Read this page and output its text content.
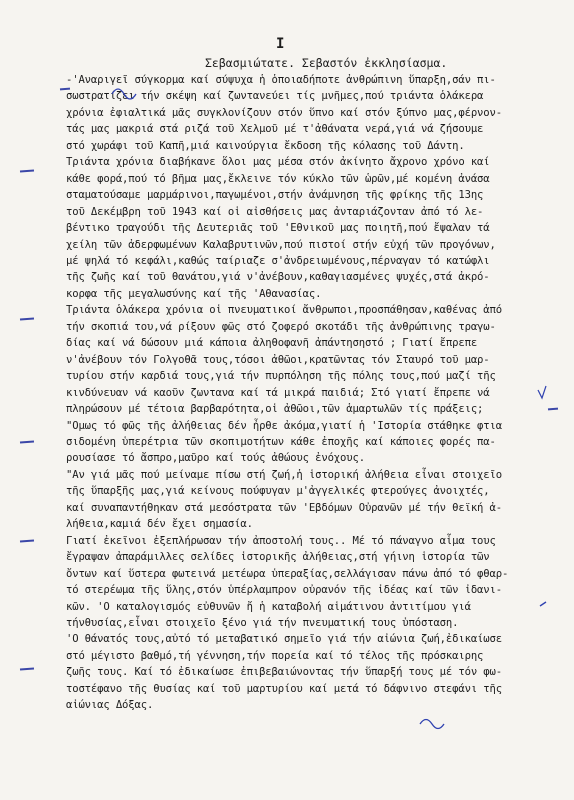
I
Σεβασμιώτατε. Σεβαστόν ἐκκλησίασμα.
-'Αναριγεῖ σύγκορμα καί σύψυχα ἡ ὁποιαδήποτε ἀνθρώπινη ὕπαρξη,σάν πι-
σωστρατίζει τήν σκέψη καί ζωντανεύει τίς μνῆμες,πού τριάντα ὁλάκερα
χρόνια ἐφιαλτικά μᾶς συγκλονίζουν στόν ὕπνο καί στόν ξύπνο μας,φέρνον-
τάς μας μακριά στά ριζά τοῦ Χελμοῦ μέ τ'ἀθάνατα νερά,γιά νά ζήσουμε
στό χωράφι τοῦ Καπῆ,μιά καινούργια ἔκδοση τῆς κόλασης τοῦ Δάντη.
Τριάντα χρόνια διαβήκανε ὅλοι μας μέσα στόν ἀκίνητο ἄχρονο χρόνο καί
κάθε φορά,πού τό βῆμα μας,ἔκλεινε τόν κύκλο τῶν ὡρῶν,μέ κομένη ἀνάσα
σταματούσαμε μαρμάρινοι,παγωμένοι,στήν ἀνάμνηση τῆς φρίκης τῆς 13ης
τοῦ Δεκέμβρη τοῦ 1943 καί οἱ αἰσθήσεις μας ἀνταριάζονταν ἀπό τό λε-
βέντικο τραγούδι τῆς Δευτεριᾶς τοῦ 'Εθνικοῦ μας ποιητῆ,πού ἔψαλαν τά
χείλη τῶν ἀδερφωμένων Καλαβρυτινῶν,πού πιστοί στήν εὐχή τῶν προγόνων,
μέ ψηλά τό κεφάλι,καθώς ταίριαζε σ'ἀνδρειωμένους,πέρναγαν τό κατώφλι
τῆς ζωῆς καί τοῦ θανάτου,γιά ν'ἀνέβουν,καθαγιασμένες ψυχές,στά ἀκρό-
κορφα τῆς μεγαλωσύνης καί τῆς 'Αθανασίας.
Τριάντα ὁλάκερα χρόνια οἱ πνευματικοί ἄνθρωποι,προσπάθησαν,καθένας ἀπό
τήν σκοπιά του,νά ρίξουν φῶς στό ζοφερό σκοτάδι τῆς ἀνθρώπινης τραγω-
δίας καί νά δώσουν μιά κάποια ἀληθοφανῆ ἀπάντησηστό ; Γιατί ἔπρεπε
ν'ἀνέβουν τόν Γολγοθᾶ τους,τόσοι ἀθῶοι,κρατῶντας τόν Σταυρό τοῦ μαρ-
τυρίου στήν καρδιά τους,γιά τήν πυρπόληση τῆς πόλης τους,πού μαζί τῆς
κινδύνευαν νά καοῦν ζωντανα καί τά μικρά παιδιά; Στό γιατί ἔπρεπε νά
πληρώσουν μέ τέτοια βαρβαρότητα,οἱ ἀθῶοι,τῶν ἁμαρτωλῶν τίς πράξεις;
"Ομως τό φῶς τῆς ἀλήθειας δέν ἦρθε ἀκόμα,γιατί ἡ 'Ιστορία στάθηκε φτια
σιδομένη ὑπερέτρια τῶν σκοπιμοτήτων κάθε ἐποχῆς καί κάποιες φορές πα-
ρουσίασε τό ἄσπρο,μαῦρο καί τούς ἀθώους ἐνόχους.
"Αν γιά μᾶς πού μείναμε πίσω στή ζωή,ἡ ἱστορική ἀλήθεια εἶναι στοιχεῖο
τῆς ὕπαρξῆς μας,γιά κείνους πούφυγαν μ'ἀγγελικές φτερούγες ἀνοιχτές,
καί συναπαντήθηκαν στά μεσόστρατα τῶν 'Εβδόμων Οὐρανῶν μέ τήν θεϊκή ἀ-
λήθεια,καμιά δέν ἔχει σημασία.
Γιατί ἐκεῖνοι ἐξεπλήρωσαν τήν ἀποστολή τους.. Μέ τό πάναγνο αἷμα τους
ἔγραψαν ἀπαράμιλλες σελίδες ἱστορικῆς ἀλήθειας,στή γήινη ἱστορία τῶν
ὄντων καί ὕστερα φωτεινά μετέωρα ὑπεραξίας,σελλάγισαν πάνω ἀπό τό φθαρ-
τό στερέωμα τῆς ὕλης,στόν ὑπέρλαμπρον οὐρανόν τῆς ἰδέας καί τῶν ἰδανι-
κῶν. 'Ο καταλογισμός εὐθυνῶν ἤ ἡ καταβολή αἱμάτινου ἀντιτίμου γιά
τήνθυσίας,εἶναι στοιχεῖο ξένο γιά τήν πνευματική τους ὑπόσταση.
'Ο θάνατός τους,αὐτό τό μεταβατικό σημεῖο γιά τήν αἰώνια ζωή,ἐδικαίωσε
στό μέγιστο βαθμό,τή γέννηση,τήν πορεία καί τό τέλος τῆς πρόσκαιρης
ζωῆς τους. Καί τό ἐδικαίωσε ἐπιβεβαιώνοντας τήν ὕπαρξή τους μέ τόν φω-
τοστέφανο τῆς θυσίας καί τοῦ μαρτυρίου καί μετά τό δάφνινο στεφάνι τῆς
αἰώνιας Δόξας.
